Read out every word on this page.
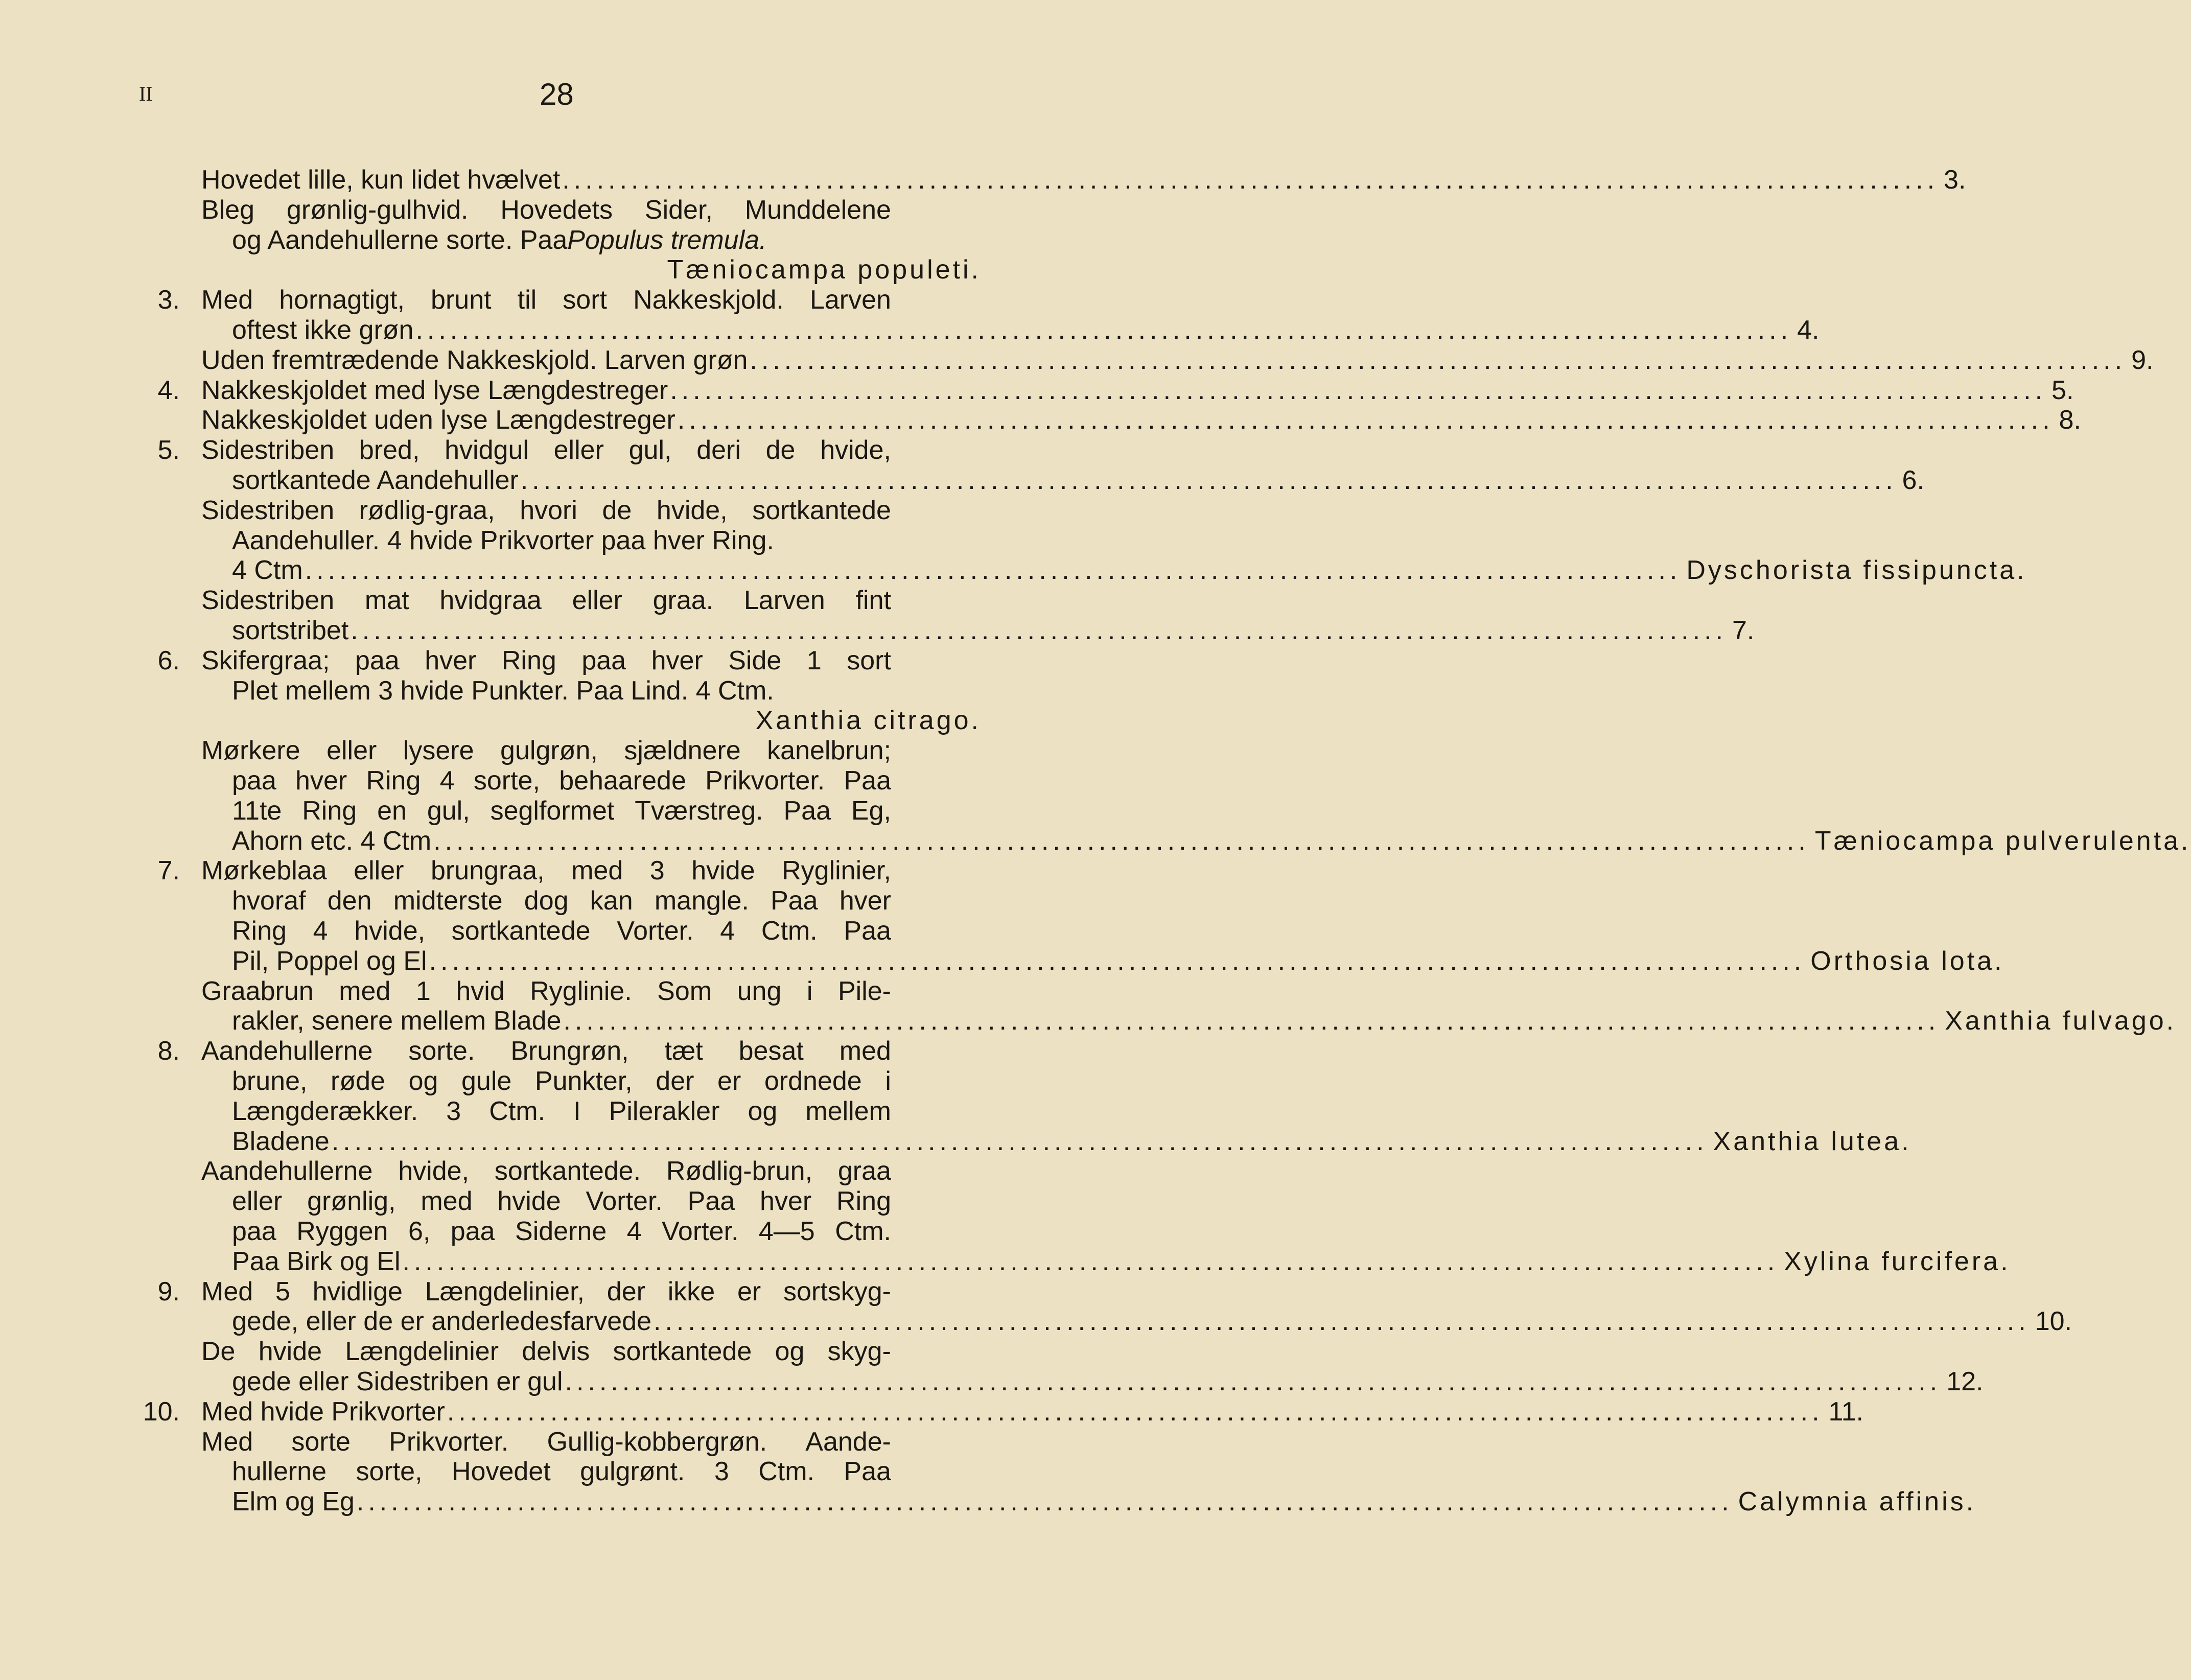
II	28
Hovedet lille, kun lidet hvælvet ........................................................................................................................ 3.
Bleg grønlig-gulhvid. Hovedets Sider, Munddelene
og Aandehullerne sorte. Paa Populus tremula.
Tæniocampa populeti.
3. Med hornagtigt, brunt til sort Nakkeskjold. Larven
oftest ikke grøn ........................................................................................................................ 4.
Uden fremtrædende Nakkeskjold. Larven grøn ........................................................................................................................ 9.
4. Nakkeskjoldet med lyse Længdestreger ........................................................................................................................ 5.
Nakkeskjoldet uden lyse Længdestreger ........................................................................................................................ 8.
5. Sidestriben bred, hvidgul eller gul, deri de hvide,
sortkantede Aandehuller ........................................................................................................................ 6.
Sidestriben rødlig-graa, hvori de hvide, sortkantede
Aandehuller. 4 hvide Prikvorter paa hver Ring.
4 Ctm ........................................................................................................................ Dyschorista fissipuncta.
Sidestriben mat hvidgraa eller graa. Larven fint
sortstribet ........................................................................................................................ 7.
6. Skifergraa; paa hver Ring paa hver Side 1 sort
Plet mellem 3 hvide Punkter. Paa Lind. 4 Ctm.
Xanthia citrago.
Mørkere eller lysere gulgrøn, sjældnere kanelbrun;
paa hver Ring 4 sorte, behaarede Prikvorter. Paa
11te Ring en gul, seglformet Tværstreg. Paa Eg,
Ahorn etc. 4 Ctm ........................................................................................................................ Tæniocampa pulverulenta.
7. Mørkeblaa eller brungraa, med 3 hvide Ryglinier,
hvoraf den midterste dog kan mangle. Paa hver
Ring 4 hvide, sortkantede Vorter. 4 Ctm. Paa
Pil, Poppel og El ........................................................................................................................ Orthosia lota.
Graabrun med 1 hvid Ryglinie. Som ung i Pile-
rakler, senere mellem Blade ........................................................................................................................ Xanthia fulvago.
8. Aandehullerne sorte. Brungrøn, tæt besat med
brune, røde og gule Punkter, der er ordnede i
Længderækker. 3 Ctm. I Pilerakler og mellem
Bladene ........................................................................................................................ Xanthia lutea.
Aandehullerne hvide, sortkantede. Rødlig-brun, graa
eller grønlig, med hvide Vorter. Paa hver Ring
paa Ryggen 6, paa Siderne 4 Vorter. 4—5 Ctm.
Paa Birk og El ........................................................................................................................ Xylina furcifera.
9. Med 5 hvidlige Længdelinier, der ikke er sortskyg-
gede, eller de er anderledesfarvede ........................................................................................................................ 10.
De hvide Længdelinier delvis sortkantede og skyg-
gede eller Sidestriben er gul ........................................................................................................................ 12.
10. Med hvide Prikvorter ........................................................................................................................ 11.
Med sorte Prikvorter. Gullig-kobbergrøn. Aande-
hullerne sorte, Hovedet gulgrønt. 3 Ctm. Paa
Elm og Eg ........................................................................................................................ Calymnia affinis.
